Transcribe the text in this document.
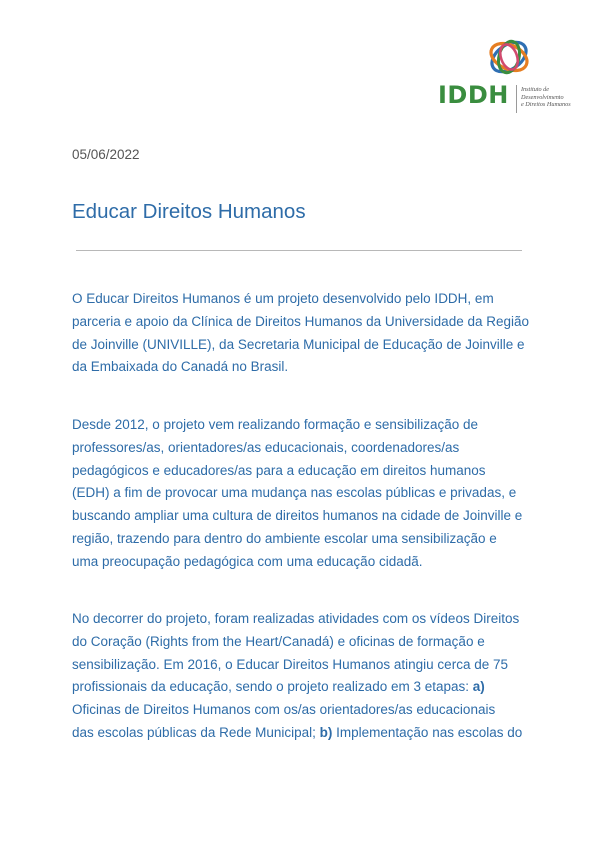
IDDH Instituto de
Desenvolvimento
e Direitos Humanos
05/06/2022
Educar Direitos Humanos

O Educar Direitos Humanos é um projeto desenvolvido pelo IDDH, em
parceria e apoio da Clínica de Direitos Humanos da Universidade da Região
de Joinville (UNIVILLE), da Secretaria Municipal de Educação de Joinville e
da Embaixada do Canadá no Brasil.

Desde 2012, o projeto vem realizando formação e sensibilização de
professores/as, orientadores/as educacionais, coordenadores/as
pedagógicos e educadores/as para a educação em direitos humanos
(EDH) a fim de provocar uma mudança nas escolas públicas e privadas, e
buscando ampliar uma cultura de direitos humanos na cidade de Joinville e
região, trazendo para dentro do ambiente escolar uma sensibilização e
uma preocupação pedagógica com uma educação cidadã.

No decorrer do projeto, foram realizadas atividades com os vídeos Direitos
do Coração (Rights from the Heart/Canadá) e oficinas de formação e
sensibilização. Em 2016, o Educar Direitos Humanos atingiu cerca de 75
profissionais da educação, sendo o projeto realizado em 3 etapas: a)
Oficinas de Direitos Humanos com os/as orientadores/as educacionais
das escolas públicas da Rede Municipal; b) Implementação nas escolas do
